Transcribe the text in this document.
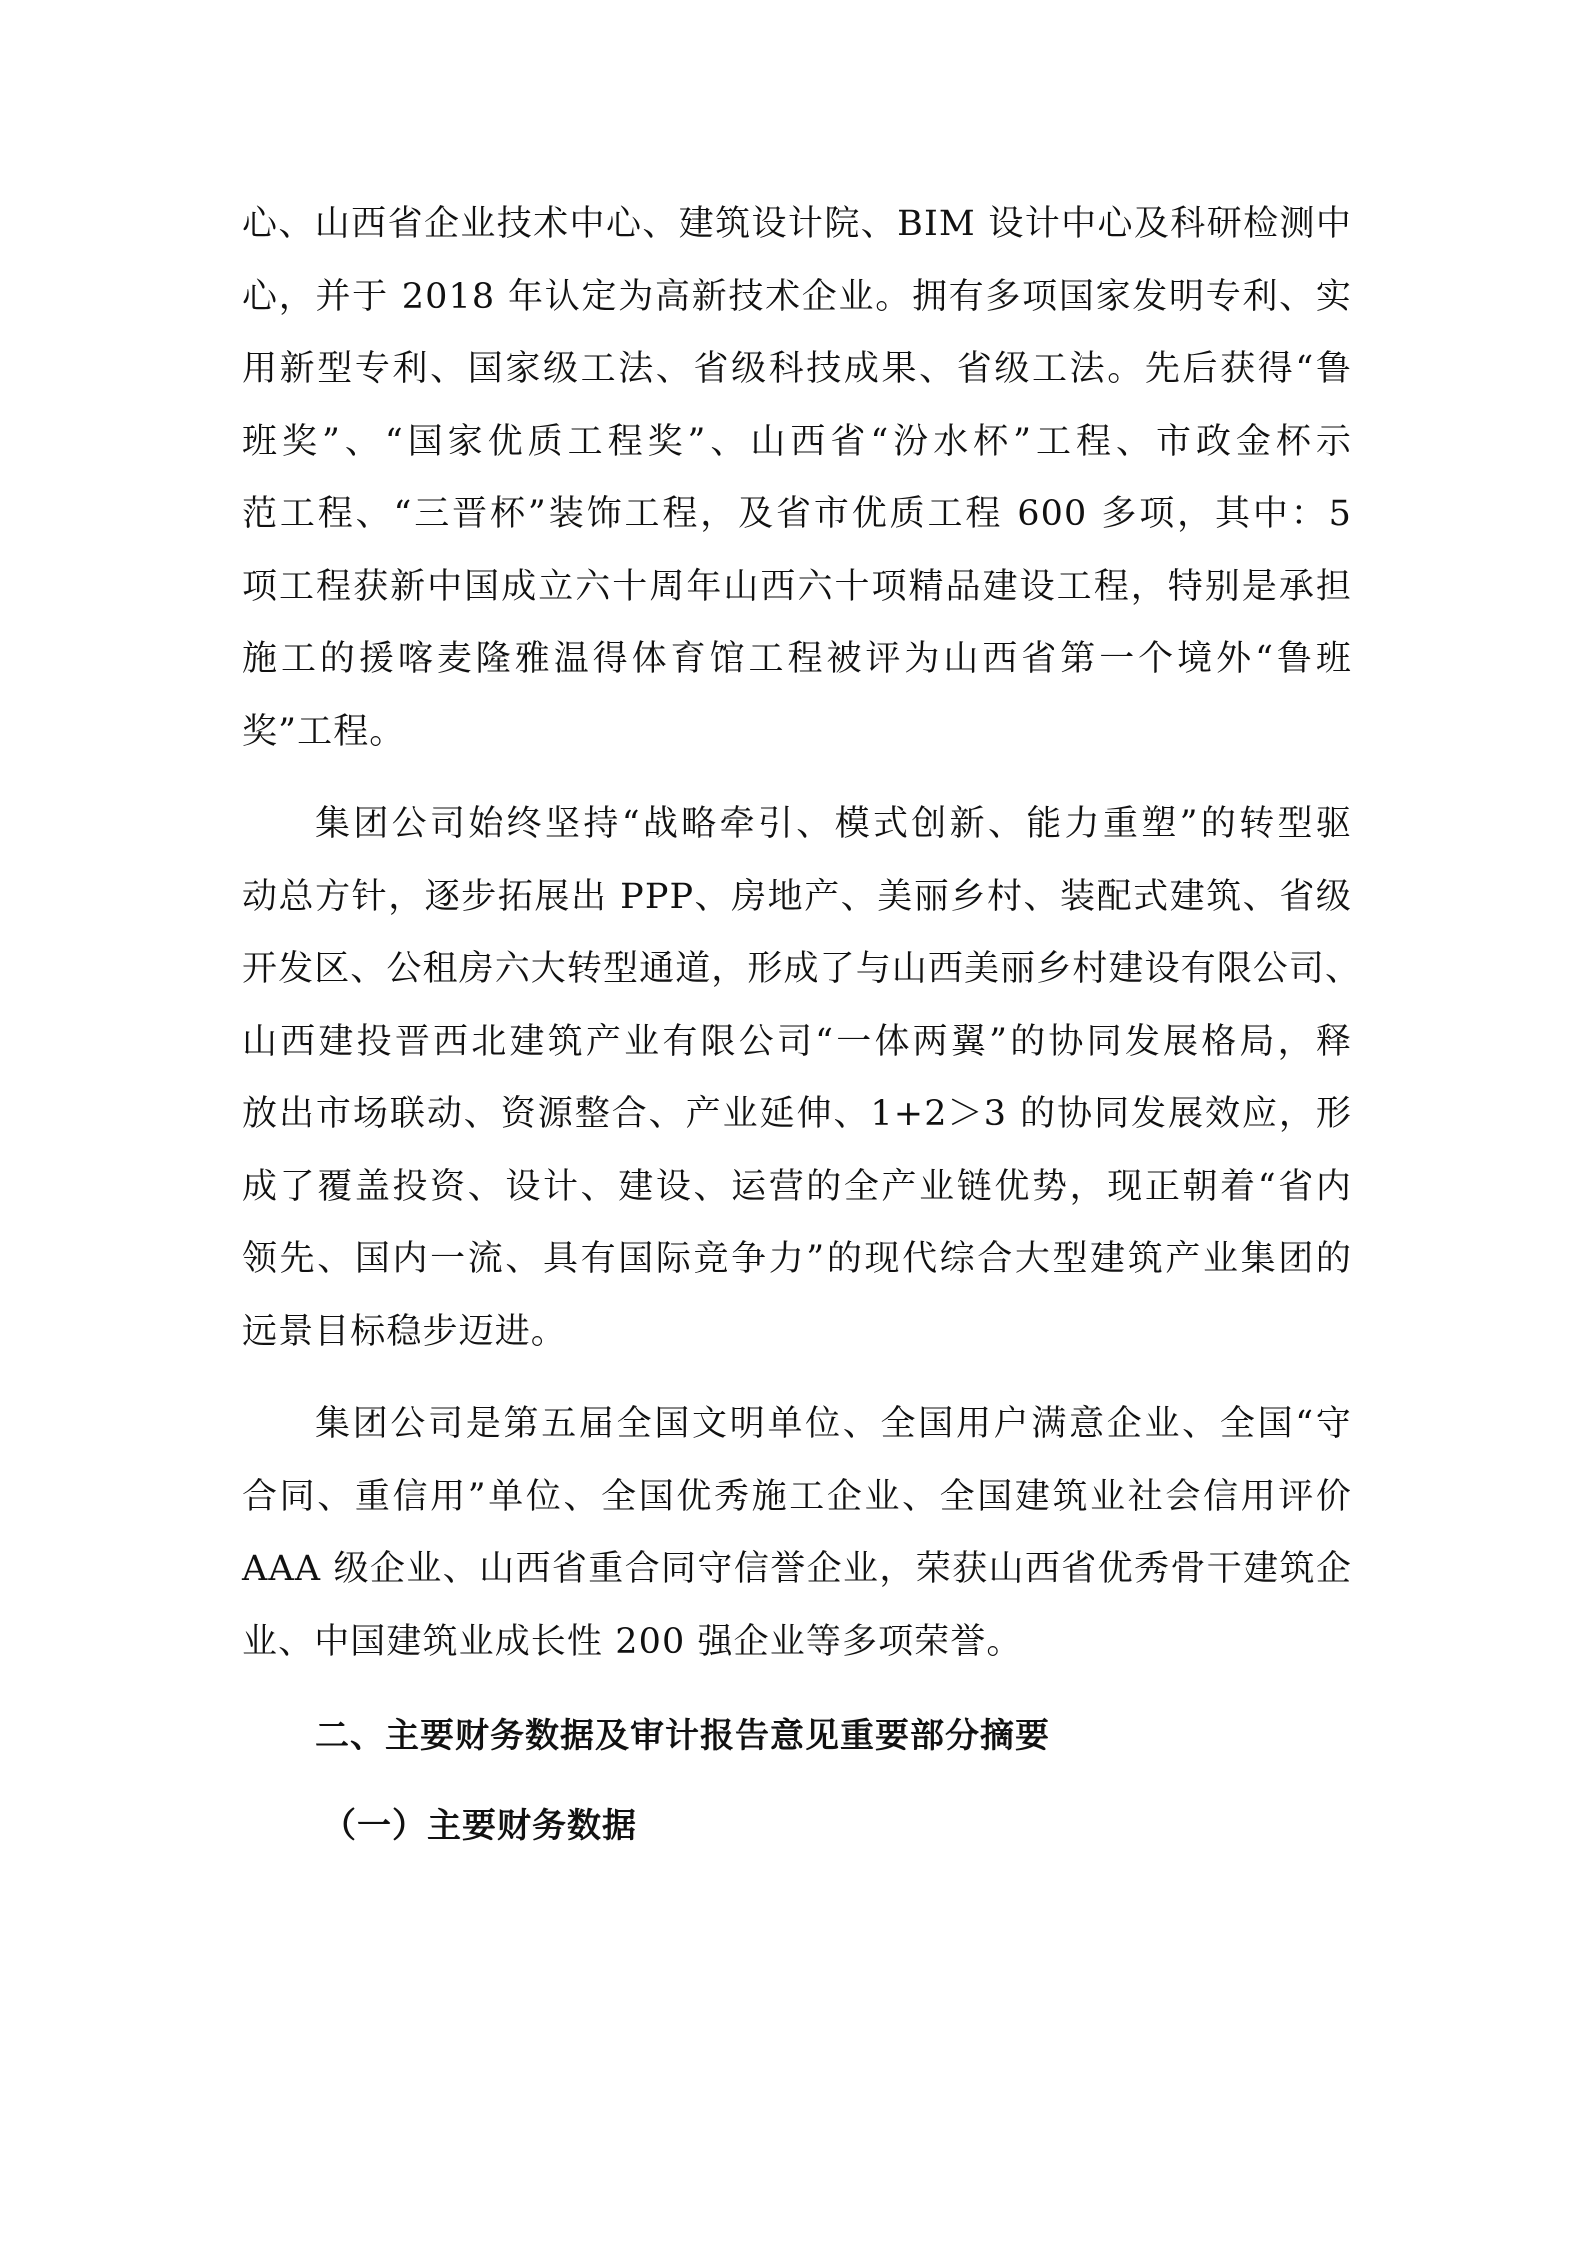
心、山西省企业技术中心、建筑设计院、BIM 设计中心及科研检测中
心，并于 2018 年认定为高新技术企业。拥有多项国家发明专利、实
用新型专利、国家级工法、省级科技成果、省级工法。先后获得“鲁
班奖”、“国家优质工程奖”、山西省“汾水杯”工程、市政金杯示
范工程、“三晋杯”装饰工程，及省市优质工程 600 多项，其中：5
项工程获新中国成立六十周年山西六十项精品建设工程，特别是承担
施工的援喀麦隆雅温得体育馆工程被评为山西省第一个境外“鲁班
奖”工程。
集团公司始终坚持“战略牵引、模式创新、能力重塑”的转型驱
动总方针，逐步拓展出 PPP、房地产、美丽乡村、装配式建筑、省级
开发区、公租房六大转型通道，形成了与山西美丽乡村建设有限公司、
山西建投晋西北建筑产业有限公司“一体两翼”的协同发展格局，释
放出市场联动、资源整合、产业延伸、1+2＞3 的协同发展效应，形
成了覆盖投资、设计、建设、运营的全产业链优势，现正朝着“省内
领先、国内一流、具有国际竞争力”的现代综合大型建筑产业集团的
远景目标稳步迈进。
集团公司是第五届全国文明单位、全国用户满意企业、全国“守
合同、重信用”单位、全国优秀施工企业、全国建筑业社会信用评价
AAA 级企业、山西省重合同守信誉企业，荣获山西省优秀骨干建筑企
业、中国建筑业成长性 200 强企业等多项荣誉。
二、主要财务数据及审计报告意见重要部分摘要
（一）主要财务数据
